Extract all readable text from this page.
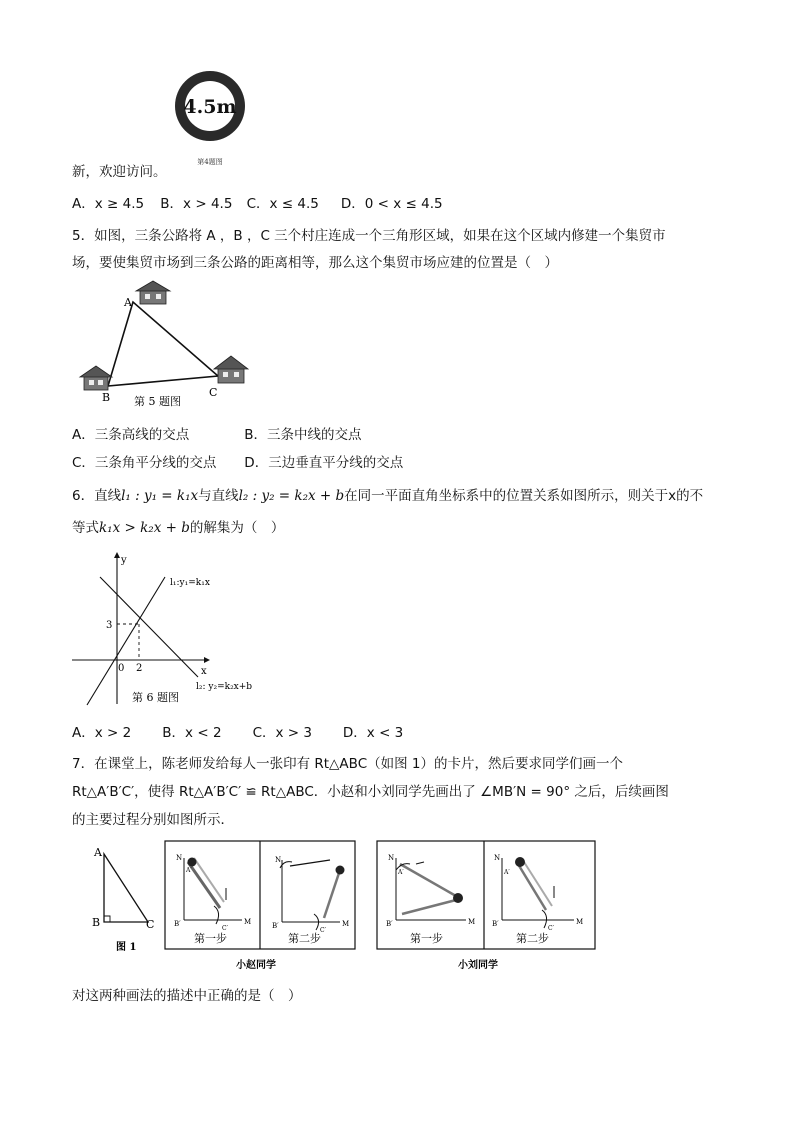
4.5m
第4题图
新，欢迎访问。
A．x ≥ 4.5 B．x > 4.5 C．x ≤ 4.5 D．0 < x ≤ 4.5
5．如图，三条公路将 A ，B ，C 三个村庄连成一个三角形区域，如果在这个区域内修建一个集贸市
场，要使集贸市场到三条公路的距离相等，那么这个集贸市场应建的位置是（　）
A
B	C
第 5 题图
A．三条高线的交点	B．三条中线的交点
C．三条角平分线的交点 D．三边垂直平分线的交点
6．直线l₁ : y₁ = k₁x与直线l₂ : y₂ = k₂x + b在同一平面直角坐标系中的位置关系如图所示，则关于x的不
等式k₁x > k₂x + b的解集为（　）
y
x
0 2
3
l₁:y₁=k₁x
l₂: y₂=k₂x+b
第 6 题图
A．x > 2 B．x < 2 C．x > 3 D．x < 3
7．在课堂上，陈老师发给每人一张印有 Rt△ABC（如图 1）的卡片，然后要求同学们画一个
Rt△A′B′C′，使得 Rt△A′B′C′ ≌ Rt△ABC．小赵和小刘同学先画出了 ∠MB′N = 90° 之后，后续画图
的主要过程分别如图所示．
A
B	C
图 1
N
A′
B′
C′
M
N
B′
C′
M
第一步	第二步
小赵同学
N
A′
B′	M
N
A′
B′
C′
M
第一步	第二步
小刘同学
对这两种画法的描述中正确的是（　）
